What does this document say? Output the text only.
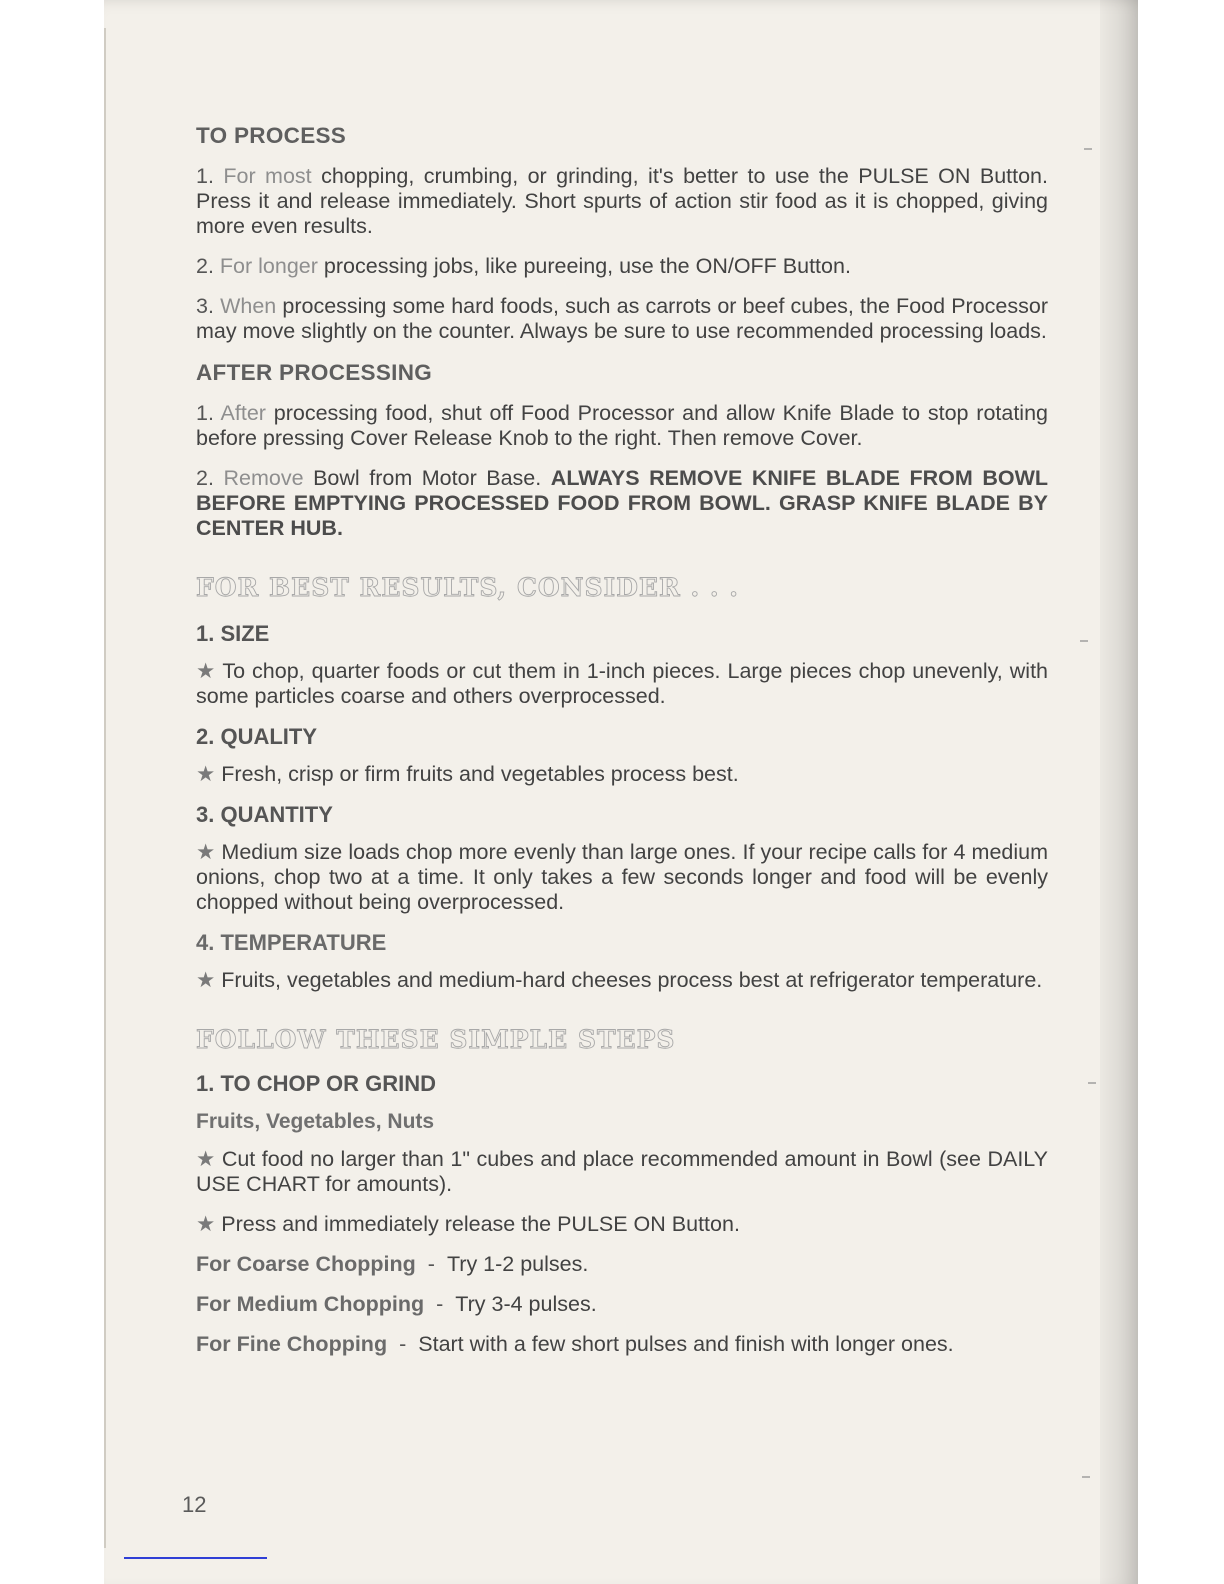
TO PROCESS

1. For most chopping, crumbing, or grinding, it's better to use the PULSE ON Button. Press it and release immediately. Short spurts of action stir food as it is chopped, giving more even results.

2. For longer processing jobs, like pureeing, use the ON/OFF Button.

3. When processing some hard foods, such as carrots or beef cubes, the Food Processor may move slightly on the counter. Always be sure to use recommended processing loads.

AFTER PROCESSING

1. After processing food, shut off Food Processor and allow Knife Blade to stop rotating before pressing Cover Release Knob to the right. Then remove Cover.

2. Remove Bowl from Motor Base. ALWAYS REMOVE KNIFE BLADE FROM BOWL BEFORE EMPTYING PROCESSED FOOD FROM BOWL. GRASP KNIFE BLADE BY CENTER HUB.

FOR BEST RESULTS, CONSIDER . . .
1. SIZE

★ To chop, quarter foods or cut them in 1-inch pieces. Large pieces chop unevenly, with some particles coarse and others overprocessed.

2. QUALITY

★ Fresh, crisp or firm fruits and vegetables process best.

3. QUANTITY

★ Medium size loads chop more evenly than large ones. If your recipe calls for 4 medium onions, chop two at a time. It only takes a few seconds longer and food will be evenly chopped without being overprocessed.

4. TEMPERATURE

★ Fruits, vegetables and medium-hard cheeses process best at refrigerator temperature.

FOLLOW THESE SIMPLE STEPS
1. TO CHOP OR GRIND
Fruits, Vegetables, Nuts

★ Cut food no larger than 1" cubes and place recommended amount in Bowl (see DAILY USE CHART for amounts).

★ Press and immediately release the PULSE ON Button.

For Coarse Chopping - Try 1-2 pulses.
For Medium Chopping - Try 3-4 pulses.
For Fine Chopping - Start with a few short pulses and finish with longer ones.
12
